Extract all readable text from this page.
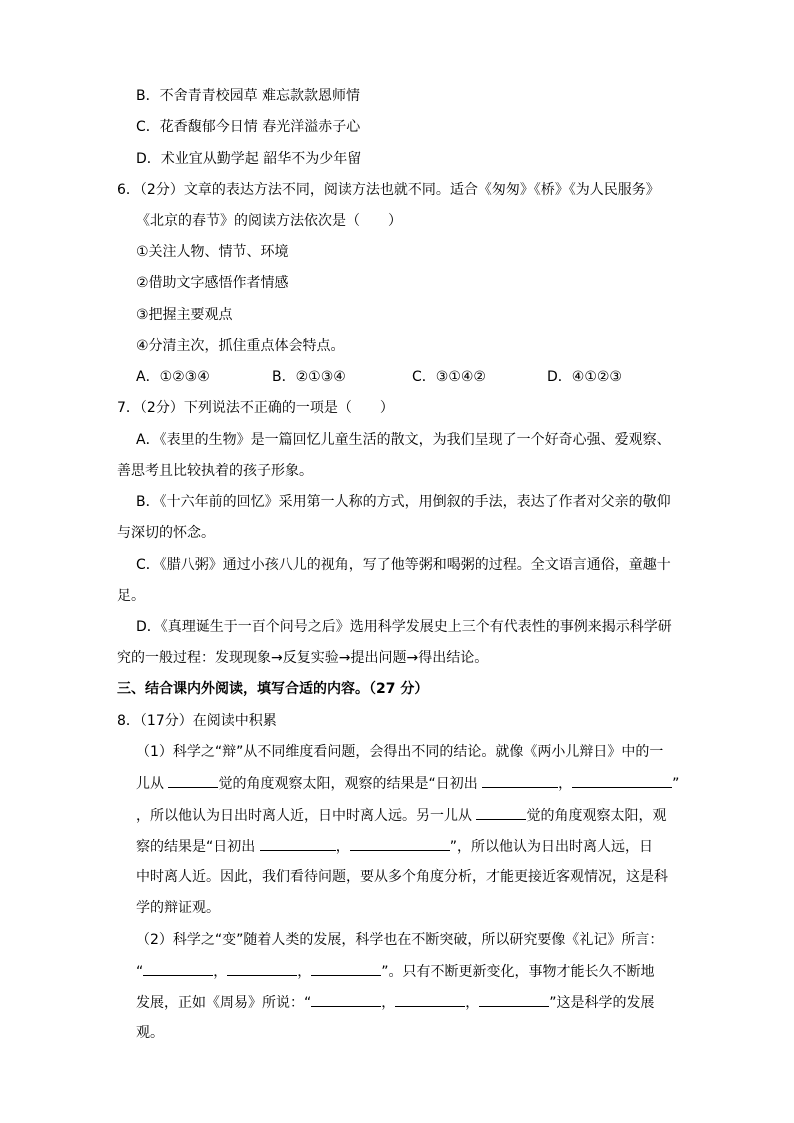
B．不舍青青校园草 难忘款款恩师情
C．花香馥郁今日情 春光洋溢赤子心
D．术业宜从勤学起 韶华不为少年留
6．（2分）文章的表达方法不同，阅读方法也就不同。适合《匆匆》《桥》《为人民服务》
《北京的春节》的阅读方法依次是（　　）
①关注人物、情节、环境
②借助文字感悟作者情感
③把握主要观点
④分清主次，抓住重点体会特点。
A．①②③④	B．②①③④	C．③①④②	D．④①②③
7．（2分）下列说法不正确的一项是（　　）
A．《表里的生物》是一篇回忆儿童生活的散文，为我们呈现了一个好奇心强、爱观察、
善思考且比较执着的孩子形象。
B．《十六年前的回忆》采用第一人称的方式，用倒叙的手法，表达了作者对父亲的敬仰
与深切的怀念。
C．《腊八粥》通过小孩八儿的视角，写了他等粥和喝粥的过程。全文语言通俗，童趣十
足。
D．《真理诞生于一百个问号之后》选用科学发展史上三个有代表性的事例来揭示科学研
究的一般过程：发现现象→反复实验→提出问题→得出结论。
三、结合课内外阅读，填写合适的内容。（27 分）
8．（17分）在阅读中积累
（1）科学之“辩”从不同维度看问题，会得出不同的结论。就像《两小儿辩日》中的一
儿从	觉的角度观察太阳，观察的结果是“日初出	，	”
，所以他认为日出时离人近，日中时离人远。另一儿从	觉的角度观察太阳，观
察的结果是“日初出	，	”，所以他认为日出时离人远，日
中时离人近。因此，我们看待问题，要从多个角度分析，才能更接近客观情况，这是科
学的辩证观。
（2）科学之“变”随着人类的发展，科学也在不断突破，所以研究要像《礼记》所言：
“	，	，	”。只有不断更新变化，事物才能长久不断地
发展，正如《周易》所说：“	，	，	”这是科学的发展
观。
